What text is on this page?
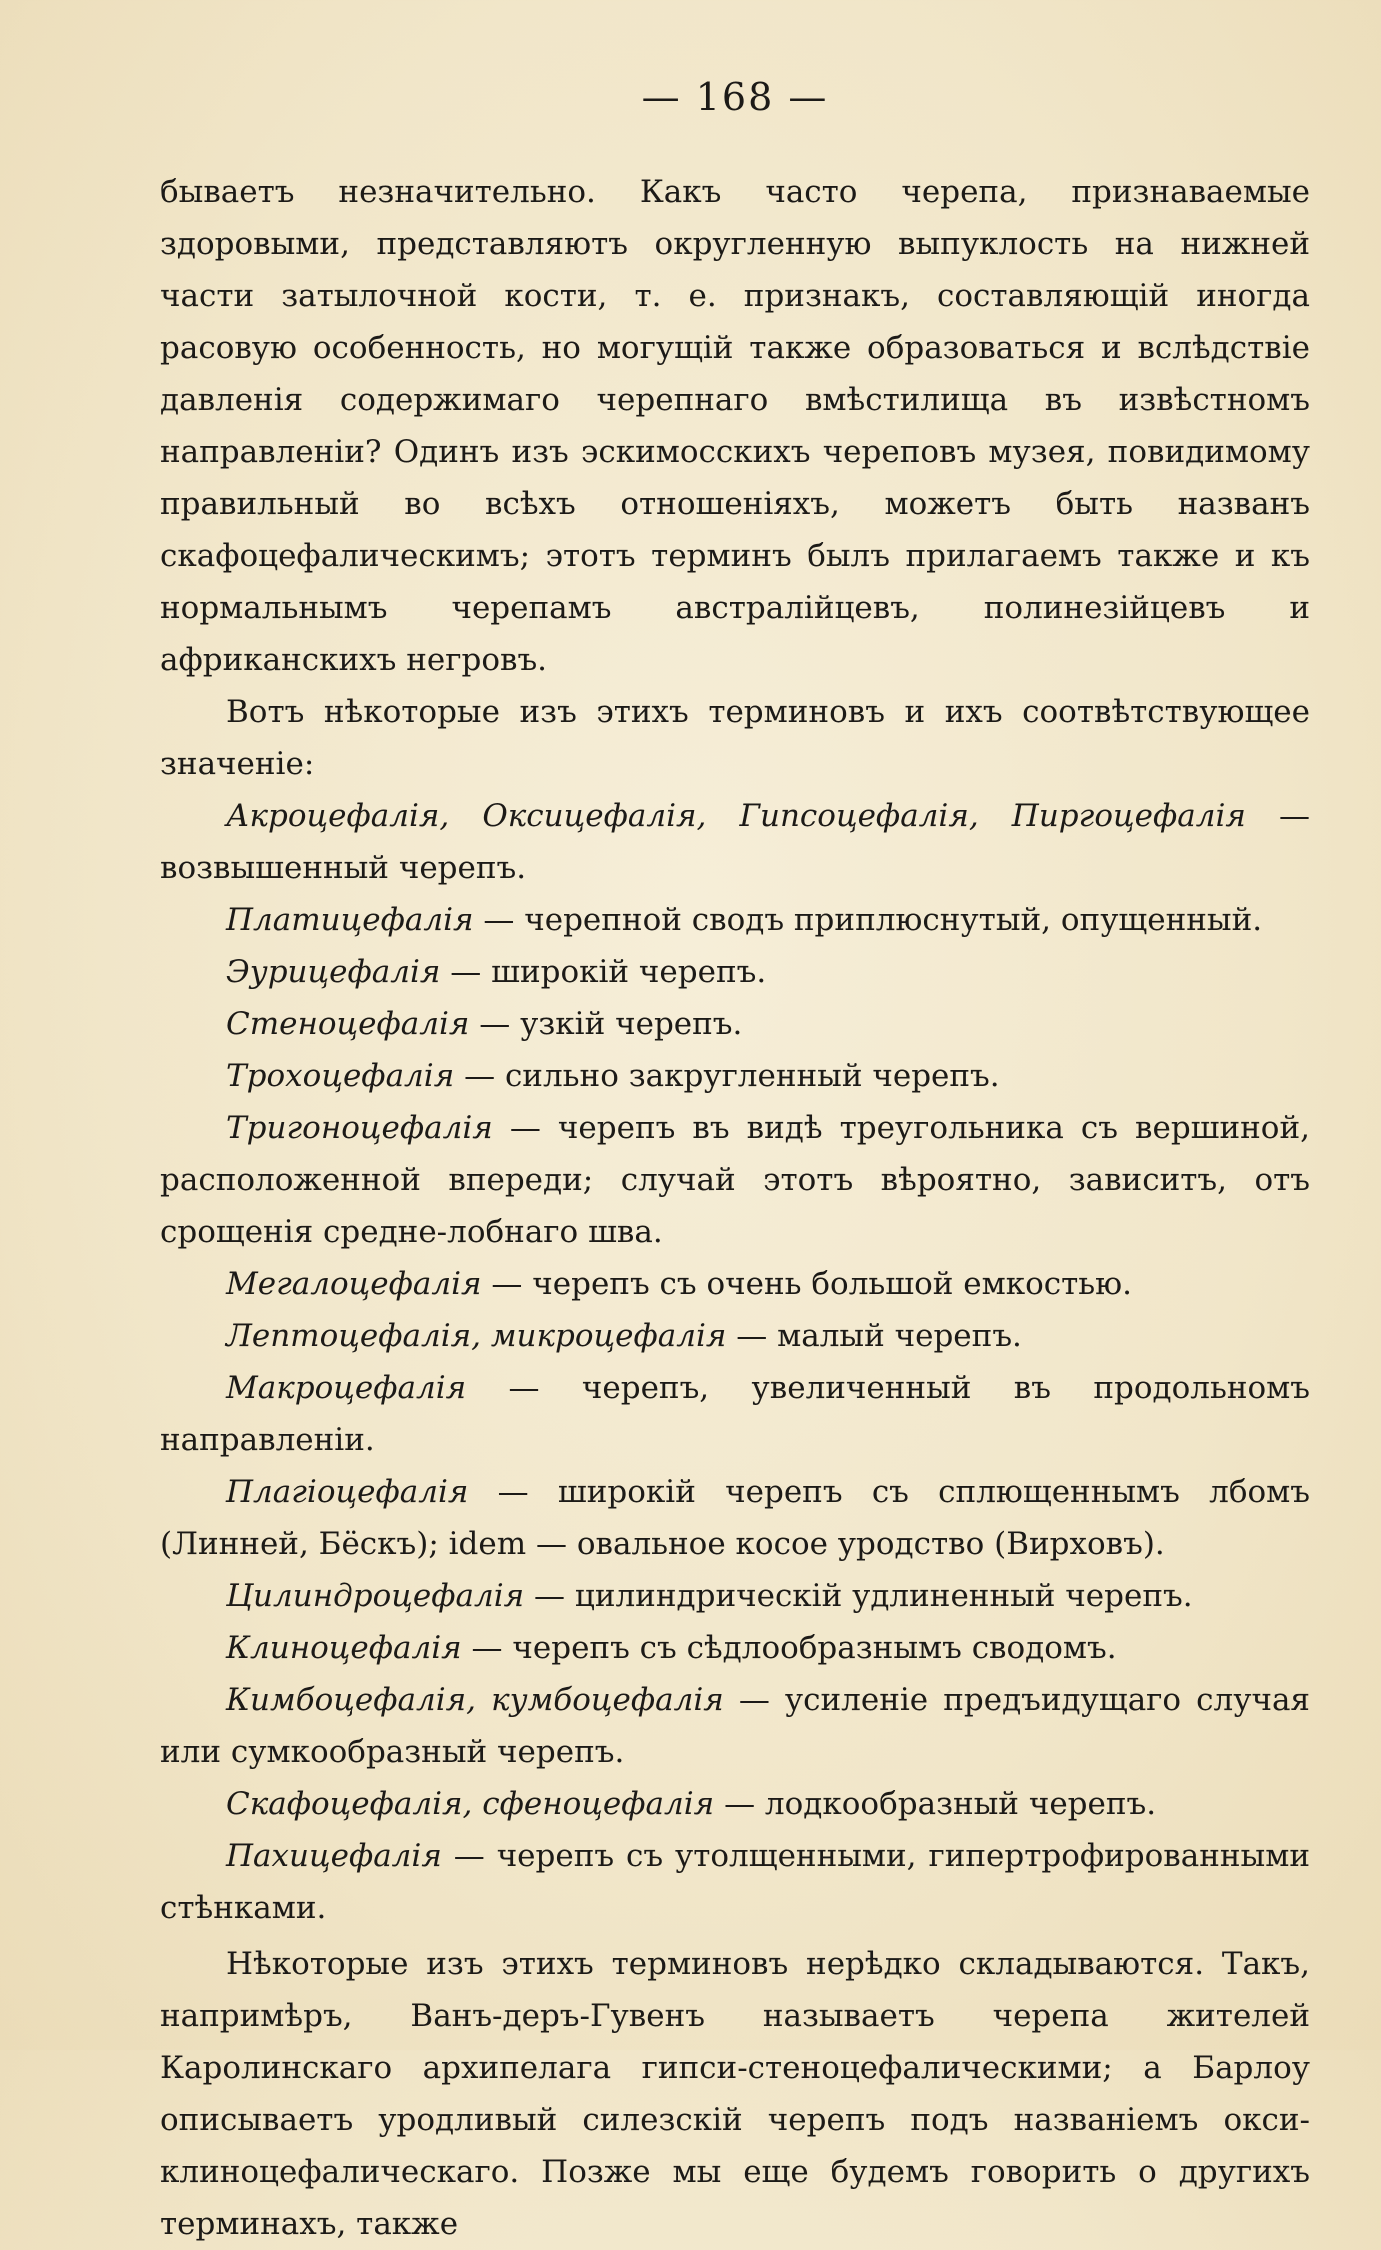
— 168 —

бываетъ незначительно. Какъ часто черепа, признаваемые здоровыми, представляютъ округленную выпуклость на нижней части затылочной кости, т. е. признакъ, составляющій иногда расовую особенность, но могущій также образоваться и вслѣдствіе давленія содержимаго черепнаго вмѣстилища въ извѣстномъ направленіи? Одинъ изъ эскимосскихъ череповъ музея, повидимому правильный во всѣхъ отношеніяхъ, можетъ быть названъ скафоцефалическимъ; этотъ терминъ былъ прилагаемъ также и къ нормальнымъ черепамъ австралійцевъ, полинезійцевъ и африканскихъ негровъ.

Вотъ нѣкоторые изъ этихъ терминовъ и ихъ соотвѣтствующее значеніе:

Акроцефалія, Оксицефалія, Гипсоцефалія, Пиргоцефалія — возвышенный черепъ.
Платицефалія — черепной сводъ приплюснутый, опущенный.
Эурицефалія — широкій черепъ.
Стеноцефалія — узкій черепъ.
Трохоцефалія — сильно закругленный черепъ.
Тригоноцефалія — черепъ въ видѣ треугольника съ вершиной, расположенной впереди; случай этотъ вѣроятно, зависитъ, отъ срощенія средне-лобнаго шва.
Мегалоцефалія — черепъ съ очень большой емкостью.
Лептоцефалія, микроцефалія — малый черепъ.
Макроцефалія — черепъ, увеличенный въ продольномъ направленіи.
Плагіоцефалія — широкій черепъ съ сплющеннымъ лбомъ (Линней, Бёскъ); idem — овальное косое уродство (Вирховъ).
Цилиндроцефалія — цилиндрическій удлиненный черепъ.
Клиноцефалія — черепъ съ сѣдлообразнымъ сводомъ.
Кимбоцефалія, кумбоцефалія — усиленіе предъидущаго случая или сумкообразный черепъ.
Скафоцефалія, сфеноцефалія — лодкообразный черепъ.
Пахицефалія — черепъ съ утолщенными, гипертрофированными стѣнками.

Нѣкоторые изъ этихъ терминовъ нерѣдко складываются. Такъ, напримѣръ, Ванъ-деръ-Гувенъ называетъ черепа жителей Каролинскаго архипелага гипси-стеноцефалическими; а Барлоу описываетъ уродливый силезскій черепъ подъ названіемъ окси-клиноцефалическаго. Позже мы еще будемъ говорить о другихъ терминахъ, также
